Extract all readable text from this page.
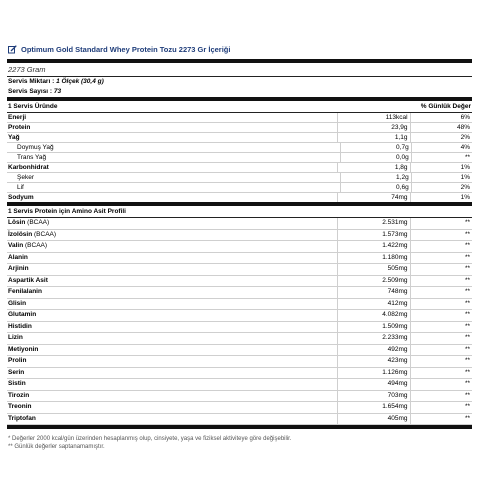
Optimum Gold Standard Whey Protein Tozu 2273 Gr İçeriği
2273 Gram
Servis Miktarı : 1 Ölçek (30,4 g)
Servis Sayısı : 73
1 Servis Üründe	% Günlük Değer
Enerji	113kcal	6%
Protein	23,9g	48%
Yağ	1,1g	2%
Doymuş Yağ	0,7g	4%
Trans Yağ	0,0g	**
Karbonhidrat	1,8g	1%
Şeker	1,2g	1%
Lif	0,6g	2%
Sodyum	74mg	1%
1 Servis Protein için Amino Asit Profili
Lösin (BCAA)	2.531mg	**
İzolösin (BCAA)	1.573mg	**
Valin (BCAA)	1.422mg	**
Alanin	1.180mg	**
Arjinin	505mg	**
Aspartik Asit	2.509mg	**
Fenilalanin	748mg	**
Glisin	412mg	**
Glutamin	4.082mg	**
Histidin	1.509mg	**
Lizin	2.233mg	**
Metiyonin	492mg	**
Prolin	423mg	**
Serin	1.126mg	**
Sistin	494mg	**
Tirozin	703mg	**
Treonin	1.654mg	**
Triptofan	405mg	**
* Değerler 2000 kcal/gün üzerinden hesaplanmış olup, cinsiyete, yaşa ve fiziksel aktiviteye göre değişebilir.
** Günlük değerler saptanamamıştır.
